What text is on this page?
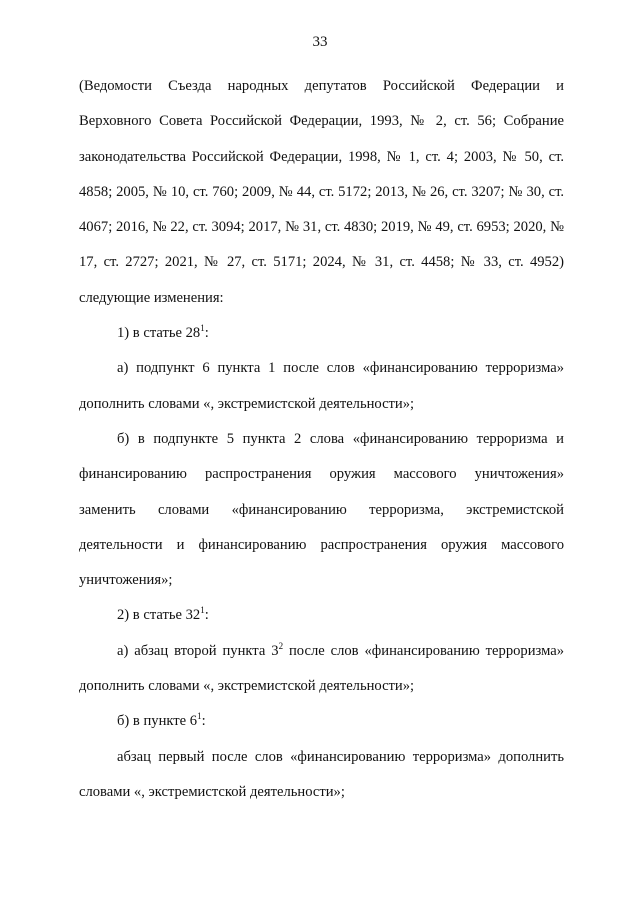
33

(Ведомости Съезда народных депутатов Российской Федерации и Верховного Совета Российской Федерации, 1993, № 2, ст. 56; Собрание законодательства Российской Федерации, 1998, № 1, ст. 4; 2003, № 50, ст. 4858; 2005, № 10, ст. 760; 2009, № 44, ст. 5172; 2013, № 26, ст. 3207; № 30, ст. 4067; 2016, № 22, ст. 3094; 2017, № 31, ст. 4830; 2019, № 49, ст. 6953; 2020, № 17, ст. 2727; 2021, № 27, ст. 5171; 2024, № 31, ст. 4458; № 33, ст. 4952) следующие изменения:

1) в статье $28^1$:

а) подпункт 6 пункта 1 после слов «финансированию терроризма» дополнить словами «, экстремистской деятельности»;

б) в подпункте 5 пункта 2 слова «финансированию терроризма и финансированию распространения оружия массового уничтожения» заменить словами «финансированию терроризма, экстремистской деятельности и финансированию распространения оружия массового уничтожения»;

2) в статье $32^1$:

а) абзац второй пункта $3^2$ после слов «финансированию терроризма» дополнить словами «, экстремистской деятельности»;

б) в пункте $6^1$:

абзац первый после слов «финансированию терроризма» дополнить словами «, экстремистской деятельности»;
